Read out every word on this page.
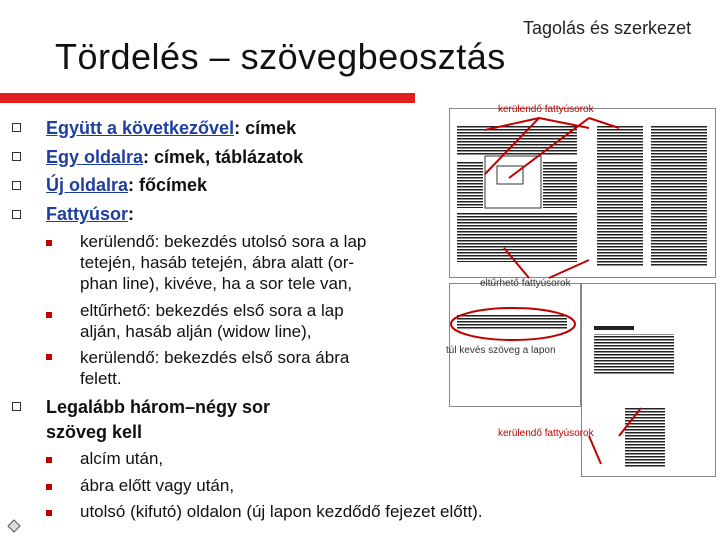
Tagolás és szerkezet
Tördelés – szövegbeosztás
Együtt a következővel: címek
Egy oldalra: címek, táblázatok
Új oldalra: főcímek
Fattyúsor:
kerülendő: bekezdés utolsó sora a lap
tetején, hasáb tetején, ábra alatt (or-
phan line), kivéve, ha a sor tele van,
eltűrhető: bekezdés első sora a lap
alján, hasáb alján (widow line),
kerülendő: bekezdés első sora ábra
felett.
Legalább három–négy sor
szöveg kell
alcím után,
ábra előtt vagy után,
utolsó (kifutó) oldalon (új lapon kezdődő fejezet előtt).
kerülendő fattyúsorok
eltűrhető fattyúsorok
túl kevés szöveg a lapon
kerülendő fattyúsorok
